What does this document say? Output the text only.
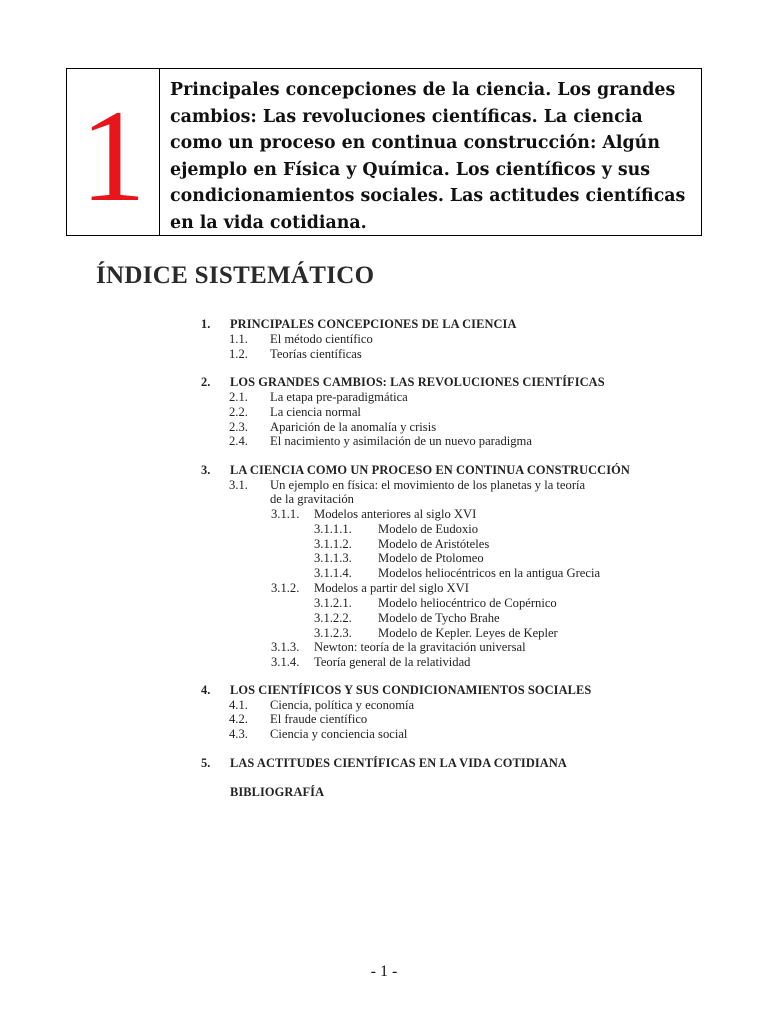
1	Principales concepciones de la ciencia. Los grandes cambios: Las revoluciones científicas. La ciencia como un proceso en continua construcción: Algún ejemplo en Física y Química. Los científicos y sus condicionamientos sociales. Las actitudes científicas en la vida cotidiana.
ÍNDICE SISTEMÁTICO
1. PRINCIPALES CONCEPCIONES DE LA CIENCIA
1.1. El método científico
1.2. Teorías científicas
2. LOS GRANDES CAMBIOS: LAS REVOLUCIONES CIENTÍFICAS
2.1. La etapa pre-paradigmática
2.2. La ciencia normal
2.3. Aparición de la anomalía y crisis
2.4. El nacimiento y asimilación de un nuevo paradigma
3. LA CIENCIA COMO UN PROCESO EN CONTINUA CONSTRUCCIÓN
3.1. Un ejemplo en física: el movimiento de los planetas y la teoría
de la gravitación
3.1.1. Modelos anteriores al siglo XVI
3.1.1.1. Modelo de Eudoxio
3.1.1.2. Modelo de Aristóteles
3.1.1.3. Modelo de Ptolomeo
3.1.1.4. Modelos heliocéntricos en la antigua Grecia
3.1.2. Modelos a partir del siglo XVI
3.1.2.1. Modelo heliocéntrico de Copérnico
3.1.2.2. Modelo de Tycho Brahe
3.1.2.3. Modelo de Kepler. Leyes de Kepler
3.1.3. Newton: teoría de la gravitación universal
3.1.4. Teoría general de la relatividad
4. LOS CIENTÍFICOS Y SUS CONDICIONAMIENTOS SOCIALES
4.1. Ciencia, política y economía
4.2. El fraude científico
4.3. Ciencia y conciencia social
5. LAS ACTITUDES CIENTÍFICAS EN LA VIDA COTIDIANA
BIBLIOGRAFÍA
- 1 -
